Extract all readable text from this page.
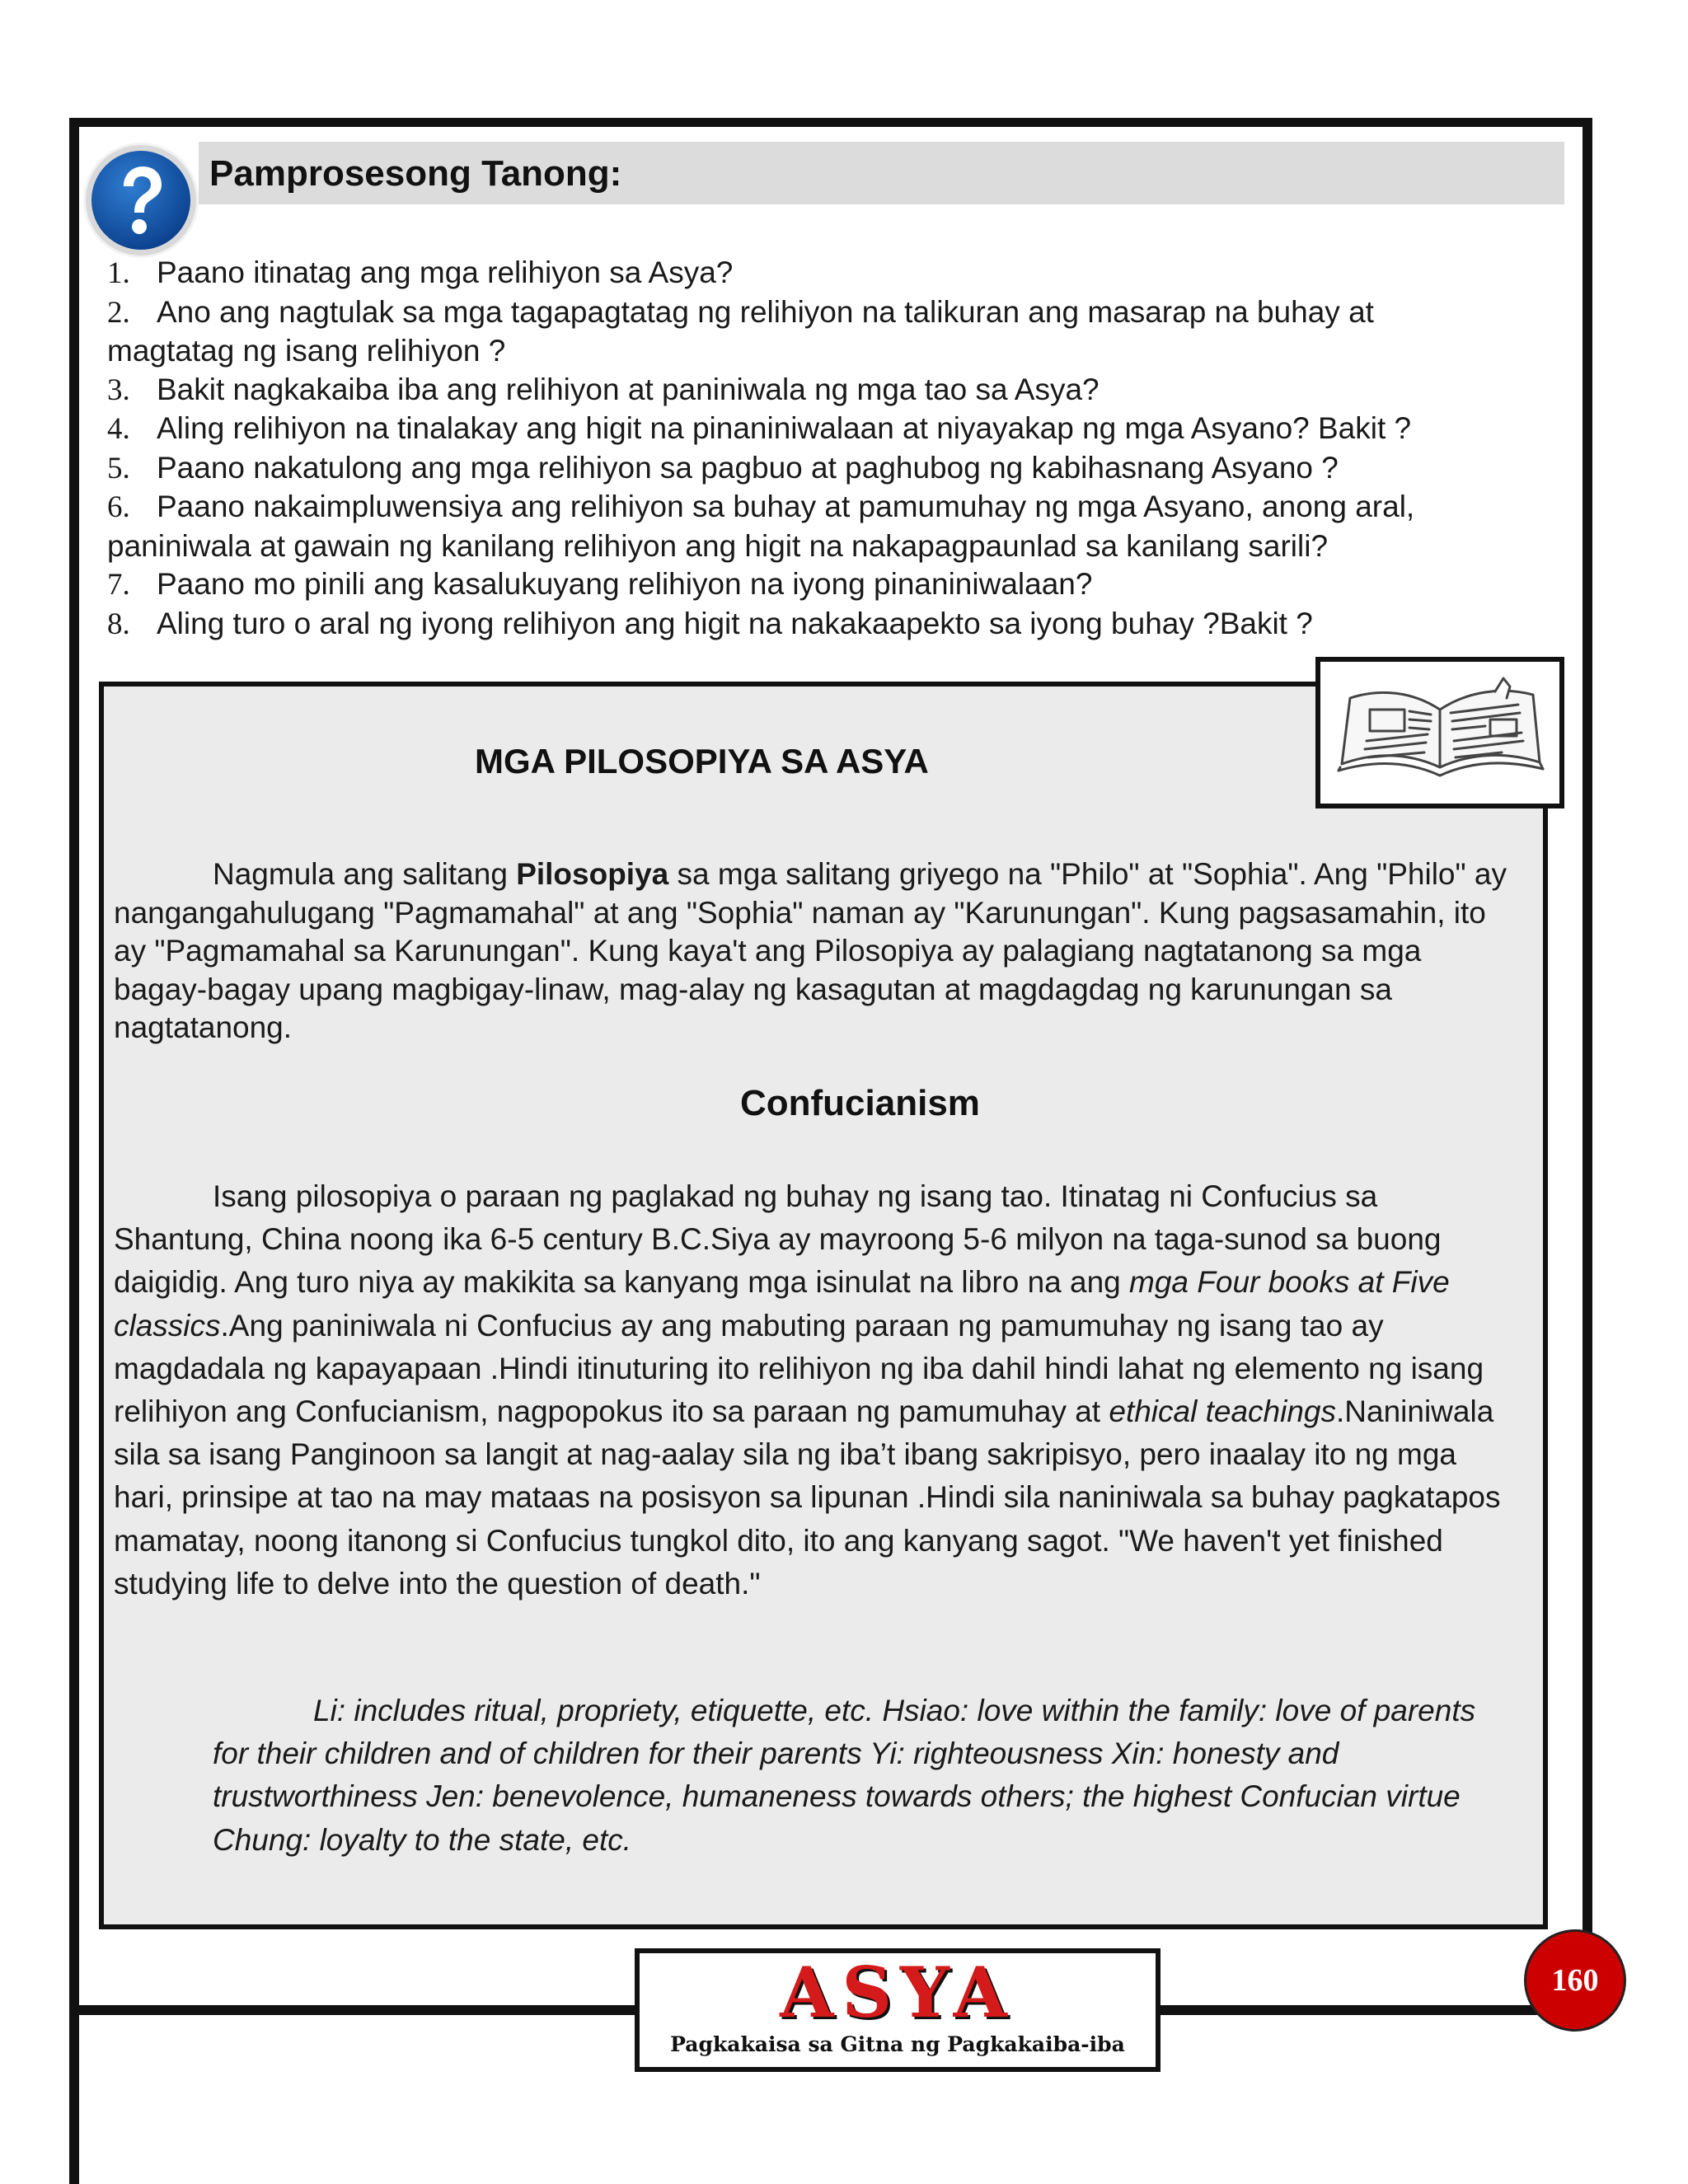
Pamprosesong Tanong:
1. Paano itinatag ang mga relihiyon sa Asya?
2. Ano ang nagtulak sa mga tagapagtatag ng relihiyon na talikuran ang masarap na buhay at
magtatag ng isang relihiyon ?
3. Bakit nagkakaiba iba ang relihiyon at paniniwala ng mga tao sa Asya?
4. Aling relihiyon na tinalakay ang higit na pinaniniwalaan at niyayakap ng mga Asyano? Bakit ?
5. Paano nakatulong ang mga relihiyon sa pagbuo at paghubog ng kabihasnang Asyano ?
6. Paano nakaimpluwensiya ang relihiyon sa buhay at pamumuhay ng mga Asyano, anong aral,
paniniwala at gawain ng kanilang relihiyon ang higit na nakapagpaunlad sa kanilang sarili?
7. Paano mo pinili ang kasalukuyang relihiyon na iyong pinaniniwalaan?
8. Aling turo o aral ng iyong relihiyon ang higit na nakakaapekto sa iyong buhay ?Bakit ?
MGA PILOSOPIYA SA ASYA

Nagmula ang salitang Pilosopiya sa mga salitang griyego na "Philo" at "Sophia". Ang "Philo" ay nangangahulugang "Pagmamahal" at ang "Sophia" naman ay "Karunungan". Kung pagsasamahin, ito ay "Pagmamahal sa Karunungan". Kung kaya't ang Pilosopiya ay palagiang nagtatanong sa mga bagay-bagay upang magbigay-linaw, mag-alay ng kasagutan at magdagdag ng karunungan sa nagtatanong.

Confucianism

Isang pilosopiya o paraan ng paglakad ng buhay ng isang tao. Itinatag ni Confucius sa Shantung, China noong ika 6-5 century B.C.Siya ay mayroong 5-6 milyon na taga-sunod sa buong daigidig. Ang turo niya ay makikita sa kanyang mga isinulat na libro na ang mga Four books at Five classics.Ang paniniwala ni Confucius ay ang mabuting paraan ng pamumuhay ng isang tao ay magdadala ng kapayapaan .Hindi itinuturing ito relihiyon ng iba dahil hindi lahat ng elemento ng isang relihiyon ang Confucianism, nagpopokus ito sa paraan ng pamumuhay at ethical teachings.Naniniwala sila sa isang Panginoon sa langit at nag-aalay sila ng iba’t ibang sakripisyo, pero inaalay ito ng mga hari, prinsipe at tao na may mataas na posisyon sa lipunan .Hindi sila naniniwala sa buhay pagkatapos mamatay, noong itanong si Confucius tungkol dito, ito ang kanyang sagot. "We haven't yet finished studying life to delve into the question of death."

Li: includes ritual, propriety, etiquette, etc. Hsiao: love within the family: love of parents for their children and of children for their parents Yi: righteousness Xin: honesty and trustworthiness Jen: benevolence, humaneness towards others; the highest Confucian virtue Chung: loyalty to the state, etc.

ASYA
Pagkakaisa sa Gitna ng Pagkakaiba-iba
160
